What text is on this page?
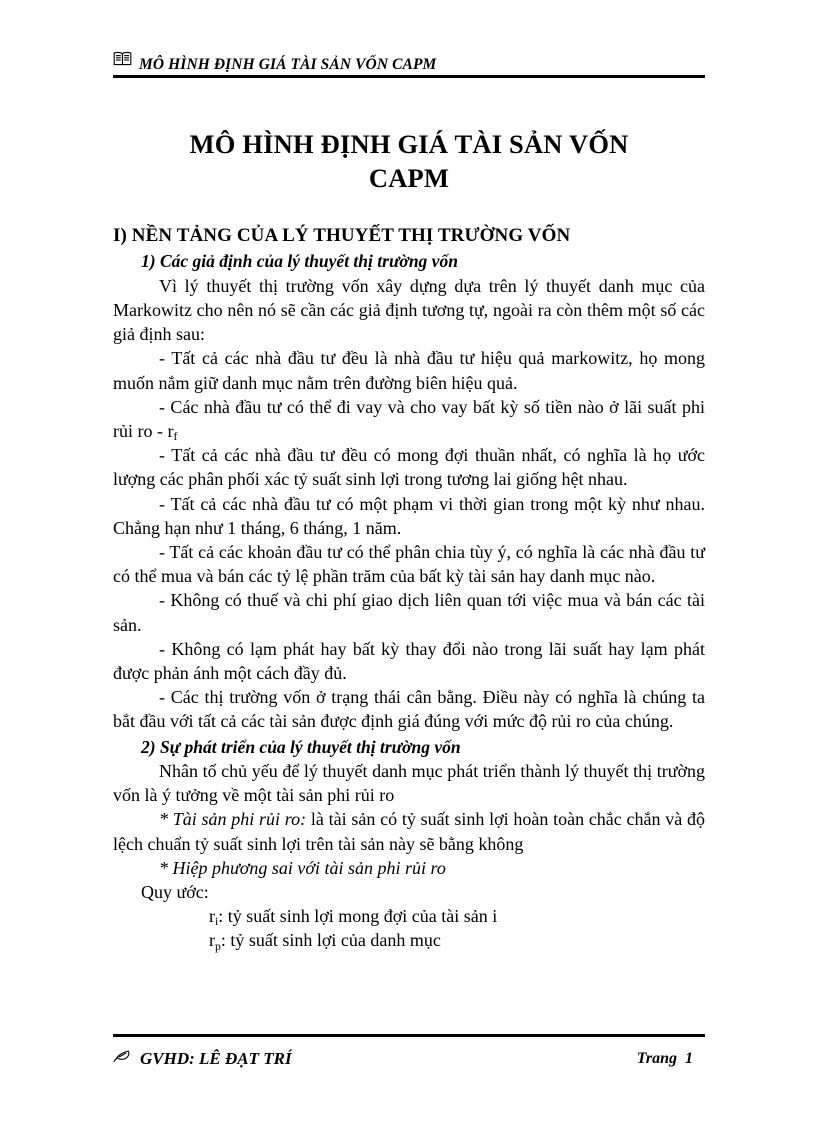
MÔ HÌNH ĐỊNH GIÁ TÀI SẢN VỐN CAPM
MÔ HÌNH ĐỊNH GIÁ TÀI SẢN VỐN
CAPM
I) NỀN TẢNG CỦA LÝ THUYẾT THỊ TRƯỜNG VỐN
1) Các giả định của lý thuyết thị trường vốn

Vì lý thuyết thị trường vốn xây dựng dựa trên lý thuyết danh mục của Markowitz cho nên nó sẽ cần các giả định tương tự, ngoài ra còn thêm một số các giả định sau:

- Tất cả các nhà đầu tư đều là nhà đầu tư hiệu quả markowitz, họ mong muốn nắm giữ danh mục nằm trên đường biên hiệu quả.

- Các nhà đầu tư có thể đi vay và cho vay bất kỳ số tiền nào ở lãi suất phi rủi ro - $r_f$

- Tất cả các nhà đầu tư đều có mong đợi thuần nhất, có nghĩa là họ ước lượng các phân phối xác tỷ suất sinh lợi trong tương lai giống hệt nhau.

- Tất cả các nhà đầu tư có một phạm vi thời gian trong một kỳ như nhau. Chẳng hạn như 1 tháng, 6 tháng, 1 năm.

- Tất cả các khoản đầu tư có thể phân chia tùy ý, có nghĩa là các nhà đầu tư có thể mua và bán các tỷ lệ phần trăm của bất kỳ tài sản hay danh mục nào.

- Không có thuế và chi phí giao dịch liên quan tới việc mua và bán các tài sản.

- Không có lạm phát hay bất kỳ thay đổi nào trong lãi suất hay lạm phát được phản ánh một cách đầy đủ.

- Các thị trường vốn ở trạng thái cân bằng. Điều này có nghĩa là chúng ta bắt đầu với tất cả các tài sản được định giá đúng với mức độ rủi ro của chúng.

2) Sự phát triển của lý thuyết thị trường vốn

Nhân tố chủ yếu để lý thuyết danh mục phát triển thành lý thuyết thị trường vốn là ý tưởng về một tài sản phi rủi ro

* Tài sản phi rủi ro: là tài sản có tỷ suất sinh lợi hoàn toàn chắc chắn và độ lệch chuẩn tỷ suất sinh lợi trên tài sản này sẽ bằng không

* Hiệp phương sai với tài sản phi rủi ro

Quy ước:

$r_i$: tỷ suất sinh lợi mong đợi của tài sản i

$r_p$: tỷ suất sinh lợi của danh mục

GVHD: LÊ ĐẠT TRÍ	Trang  1
